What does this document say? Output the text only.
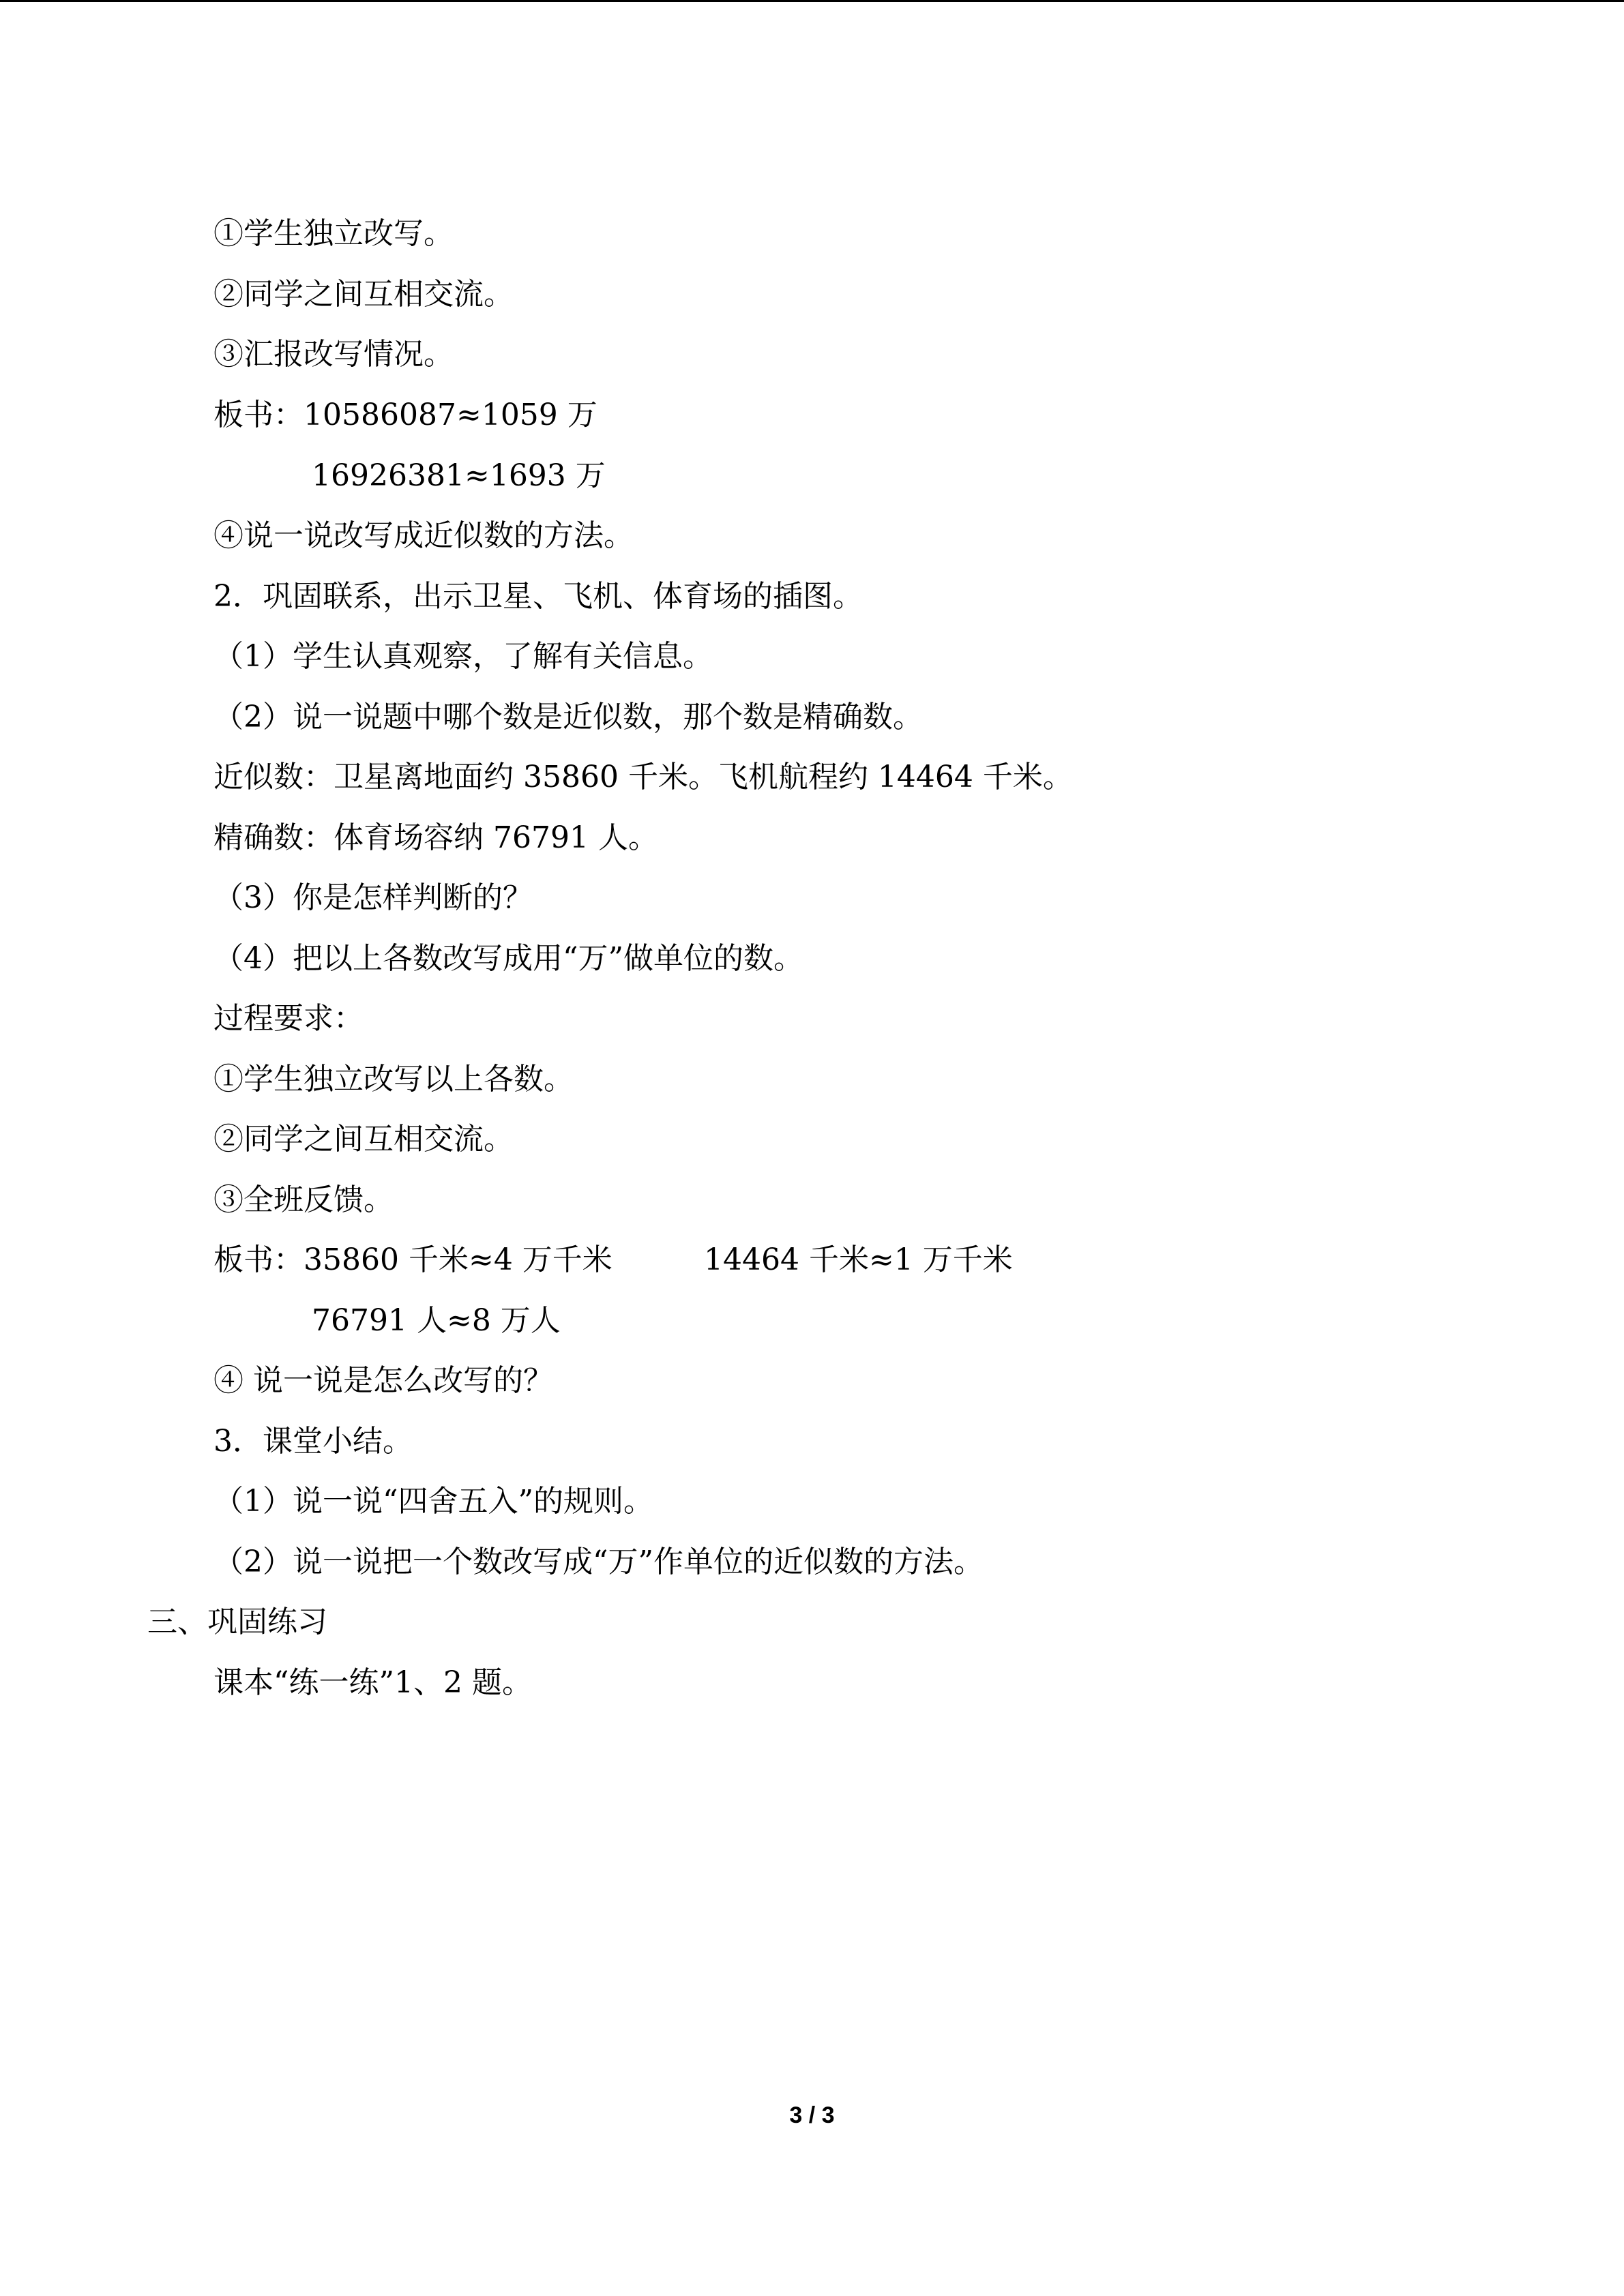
①学生独立改写。
②同学之间互相交流。
③汇报改写情况。
板书：10586087≈1059 万
16926381≈1693 万
④说一说改写成近似数的方法。
2．巩固联系，出示卫星、飞机、体育场的插图。
（1）学生认真观察，了解有关信息。
（2）说一说题中哪个数是近似数，那个数是精确数。
近似数：卫星离地面约 35860 千米。飞机航程约 14464 千米。
精确数：体育场容纳 76791 人。
（3）你是怎样判断的？
（4）把以上各数改写成用“万”做单位的数。
过程要求：
①学生独立改写以上各数。
②同学之间互相交流。
③全班反馈。
板书：35860 千米≈4 万千米	14464 千米≈1 万千米
76791 人≈8 万人
④ 说一说是怎么改写的？
3．课堂小结。
（1）说一说“四舍五入”的规则。
（2）说一说把一个数改写成“万”作单位的近似数的方法。
三、巩固练习
课本“练一练”1、2 题。
3 / 3
